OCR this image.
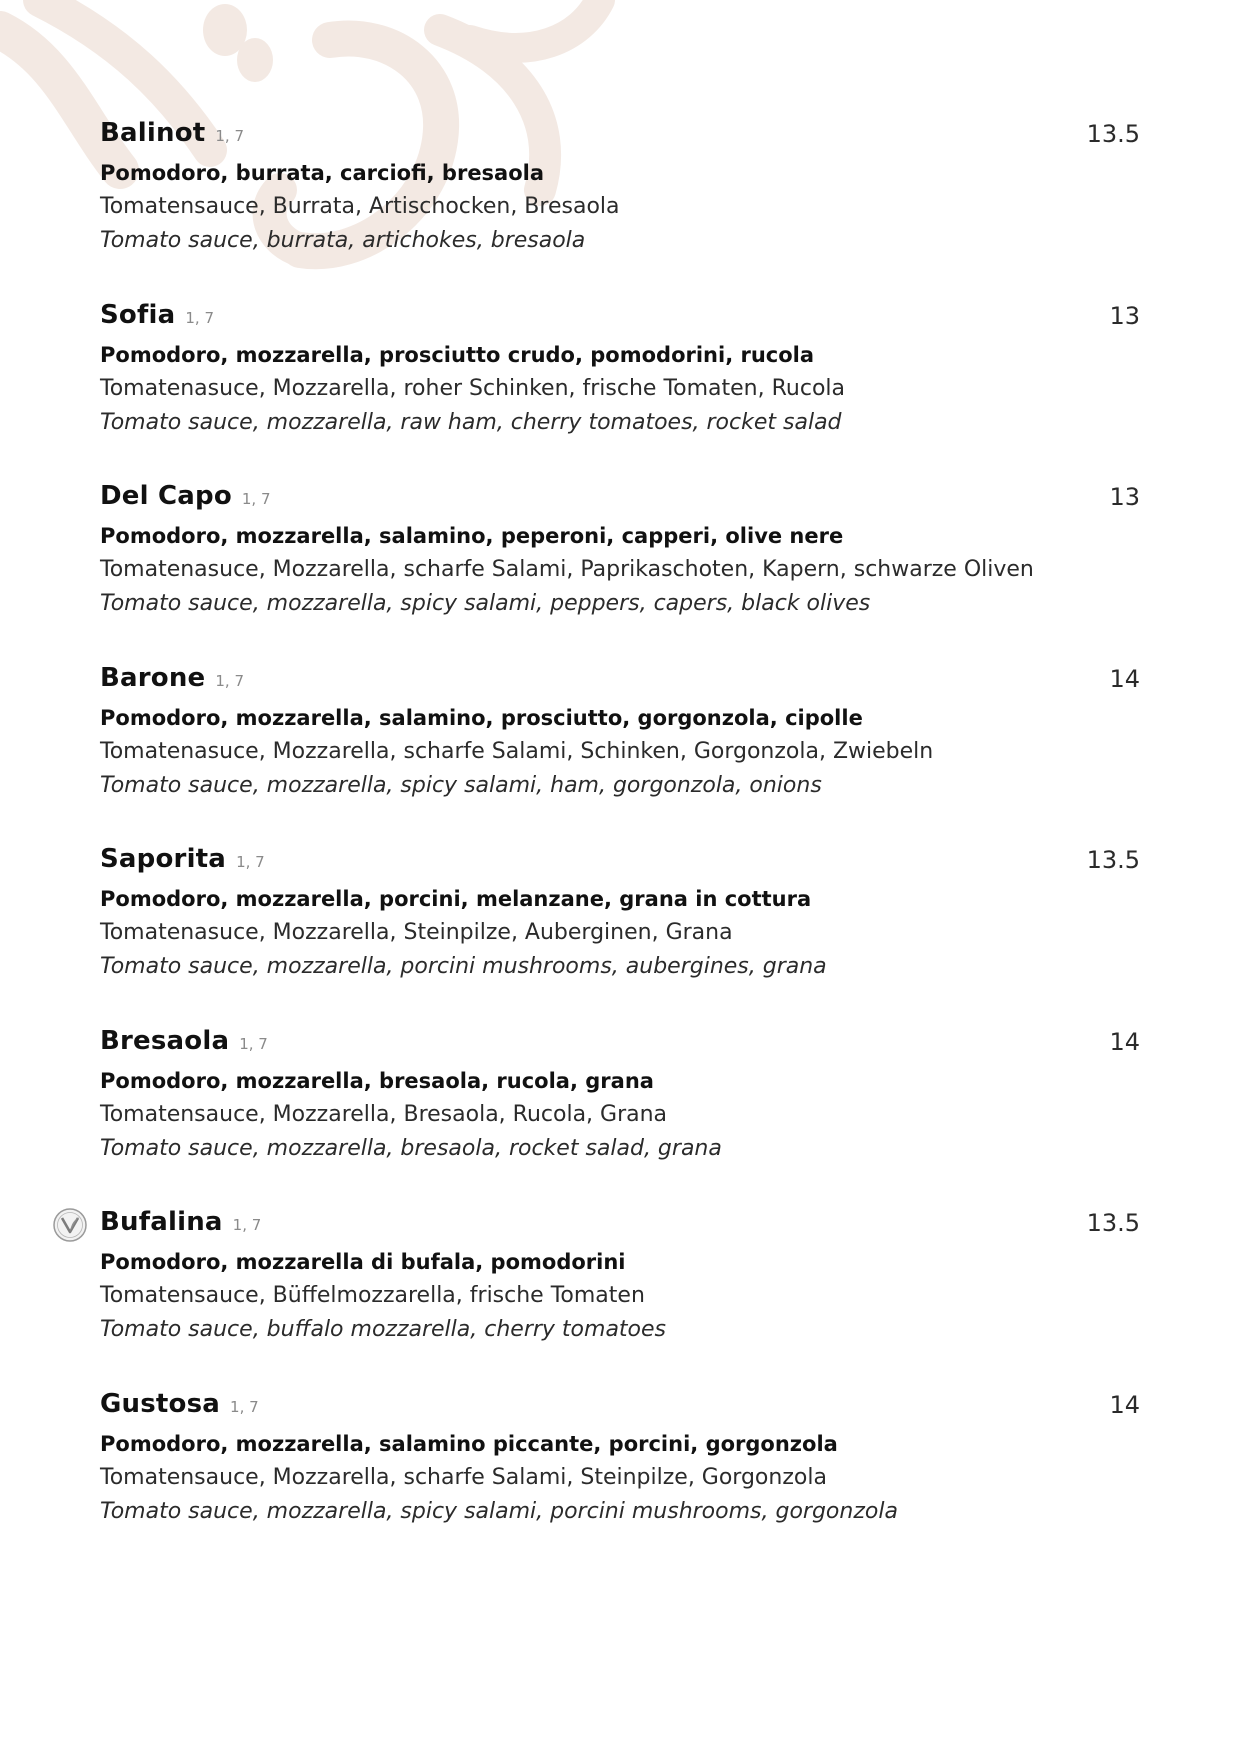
Balinot 1, 7	13.5
Pomodoro, burrata, carciofi, bresaola
Tomatensauce, Burrata, Artischocken, Bresaola
Tomato sauce, burrata, artichokes, bresaola
Sofia 1, 7	13
Pomodoro, mozzarella, prosciutto crudo, pomodorini, rucola
Tomatenasuce, Mozzarella, roher Schinken, frische Tomaten, Rucola
Tomato sauce, mozzarella, raw ham, cherry tomatoes, rocket salad
Del Capo 1, 7	13
Pomodoro, mozzarella, salamino, peperoni, capperi, olive nere
Tomatenasuce, Mozzarella, scharfe Salami, Paprikaschoten, Kapern, schwarze Oliven
Tomato sauce, mozzarella, spicy salami, peppers, capers, black olives
Barone 1, 7	14
Pomodoro, mozzarella, salamino, prosciutto, gorgonzola, cipolle
Tomatenasuce, Mozzarella, scharfe Salami, Schinken, Gorgonzola, Zwiebeln
Tomato sauce, mozzarella, spicy salami, ham, gorgonzola, onions
Saporita 1, 7	13.5
Pomodoro, mozzarella, porcini, melanzane, grana in cottura
Tomatenasuce, Mozzarella, Steinpilze, Auberginen, Grana
Tomato sauce, mozzarella, porcini mushrooms, aubergines, grana
Bresaola 1, 7	14
Pomodoro, mozzarella, bresaola, rucola, grana
Tomatensauce, Mozzarella, Bresaola, Rucola, Grana
Tomato sauce, mozzarella, bresaola, rocket salad, grana
Bufalina 1, 7	13.5
Pomodoro, mozzarella di bufala, pomodorini
Tomatensauce, Büffelmozzarella, frische Tomaten
Tomato sauce, buffalo mozzarella, cherry tomatoes
Gustosa 1, 7	14
Pomodoro, mozzarella, salamino piccante, porcini, gorgonzola
Tomatensauce, Mozzarella, scharfe Salami, Steinpilze, Gorgonzola
Tomato sauce, mozzarella, spicy salami, porcini mushrooms, gorgonzola
